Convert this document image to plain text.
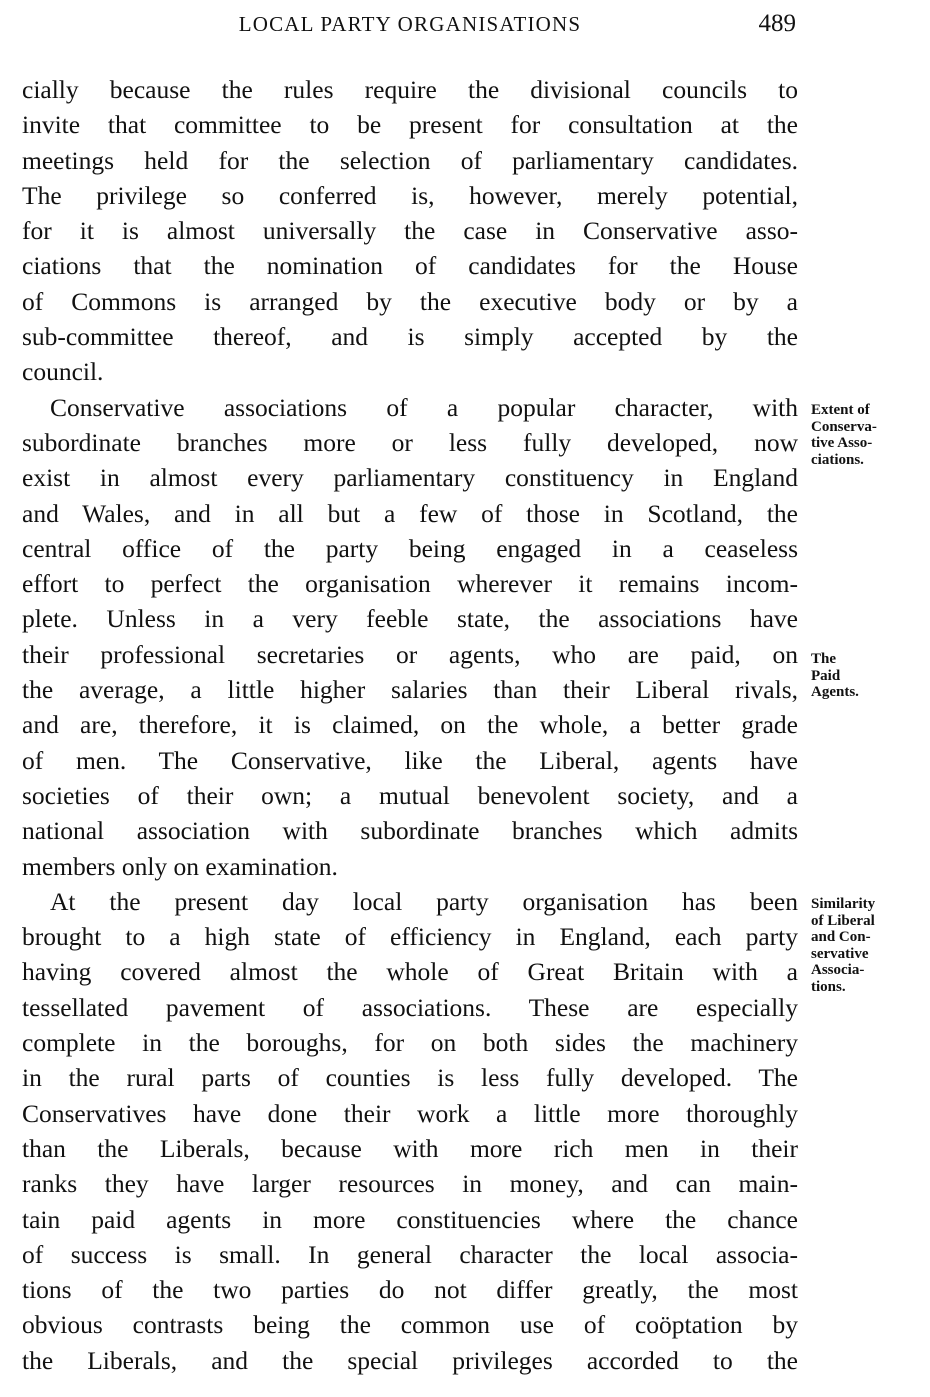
LOCAL PARTY ORGANISATIONS	489
cially because the rules require the divisional councils to
invite that committee to be present for consultation at the
meetings held for the selection of parliamentary candidates.
The privilege so conferred is, however, merely potential,
for it is almost universally the case in Conservative asso-
ciations that the nomination of candidates for the House
of Commons is arranged by the executive body or by a
sub-committee thereof, and is simply accepted by the
council.
Conservative associations of a popular character, with
subordinate branches more or less fully developed, now
exist in almost every parliamentary constituency in England
and Wales, and in all but a few of those in Scotland, the
central office of the party being engaged in a ceaseless
effort to perfect the organisation wherever it remains incom-
plete. Unless in a very feeble state, the associations have
their professional secretaries or agents, who are paid, on
the average, a little higher salaries than their Liberal rivals,
and are, therefore, it is claimed, on the whole, a better grade
of men. The Conservative, like the Liberal, agents have
societies of their own; a mutual benevolent society, and a
national association with subordinate branches which admits
members only on examination.
At the present day local party organisation has been
brought to a high state of efficiency in England, each party
having covered almost the whole of Great Britain with a
tessellated pavement of associations. These are especially
complete in the boroughs, for on both sides the machinery
in the rural parts of counties is less fully developed. The
Conservatives have done their work a little more thoroughly
than the Liberals, because with more rich men in their
ranks they have larger resources in money, and can main-
tain paid agents in more constituencies where the chance
of success is small. In general character the local associa-
tions of the two parties do not differ greatly, the most
obvious contrasts being the common use of coöptation by
the Liberals, and the special privileges accorded to the
Extent of
Conserva-
tive Asso-
ciations.
The
Paid
Agents.
Similarity
of Liberal
and Con-
servative
Associa-
tions.
